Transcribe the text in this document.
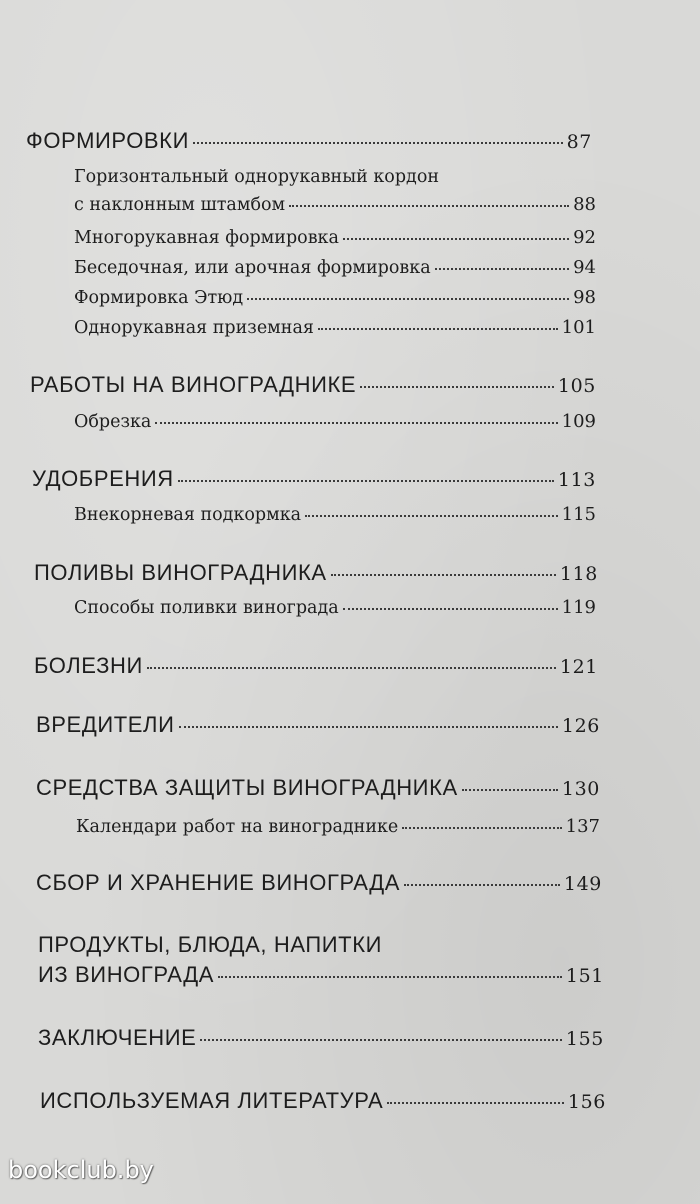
ФОРМИРОВКИ	87
Горизонтальный однорукавный кордон
с наклонным штамбом	88
Многорукавная формировка	92
Беседочная, или арочная формировка	94
Формировка Этюд	98
Однорукавная приземная	101
РАБОТЫ НА ВИНОГРАДНИКЕ	105
Обрезка	109
УДОБРЕНИЯ	113
Внекорневая подкормка	115
ПОЛИВЫ ВИНОГРАДНИКА	118
Способы поливки винограда	119
БОЛЕЗНИ	121
ВРЕДИТЕЛИ	126
СРЕДСТВА ЗАЩИТЫ ВИНОГРАДНИКА	130
Календари работ на винограднике	137
СБОР И ХРАНЕНИЕ ВИНОГРАДА	149
ПРОДУКТЫ, БЛЮДА, НАПИТКИ
ИЗ ВИНОГРАДА	151
ЗАКЛЮЧЕНИЕ	155
ИСПОЛЬЗУЕМАЯ ЛИТЕРАТУРА	156
bookclub.by
